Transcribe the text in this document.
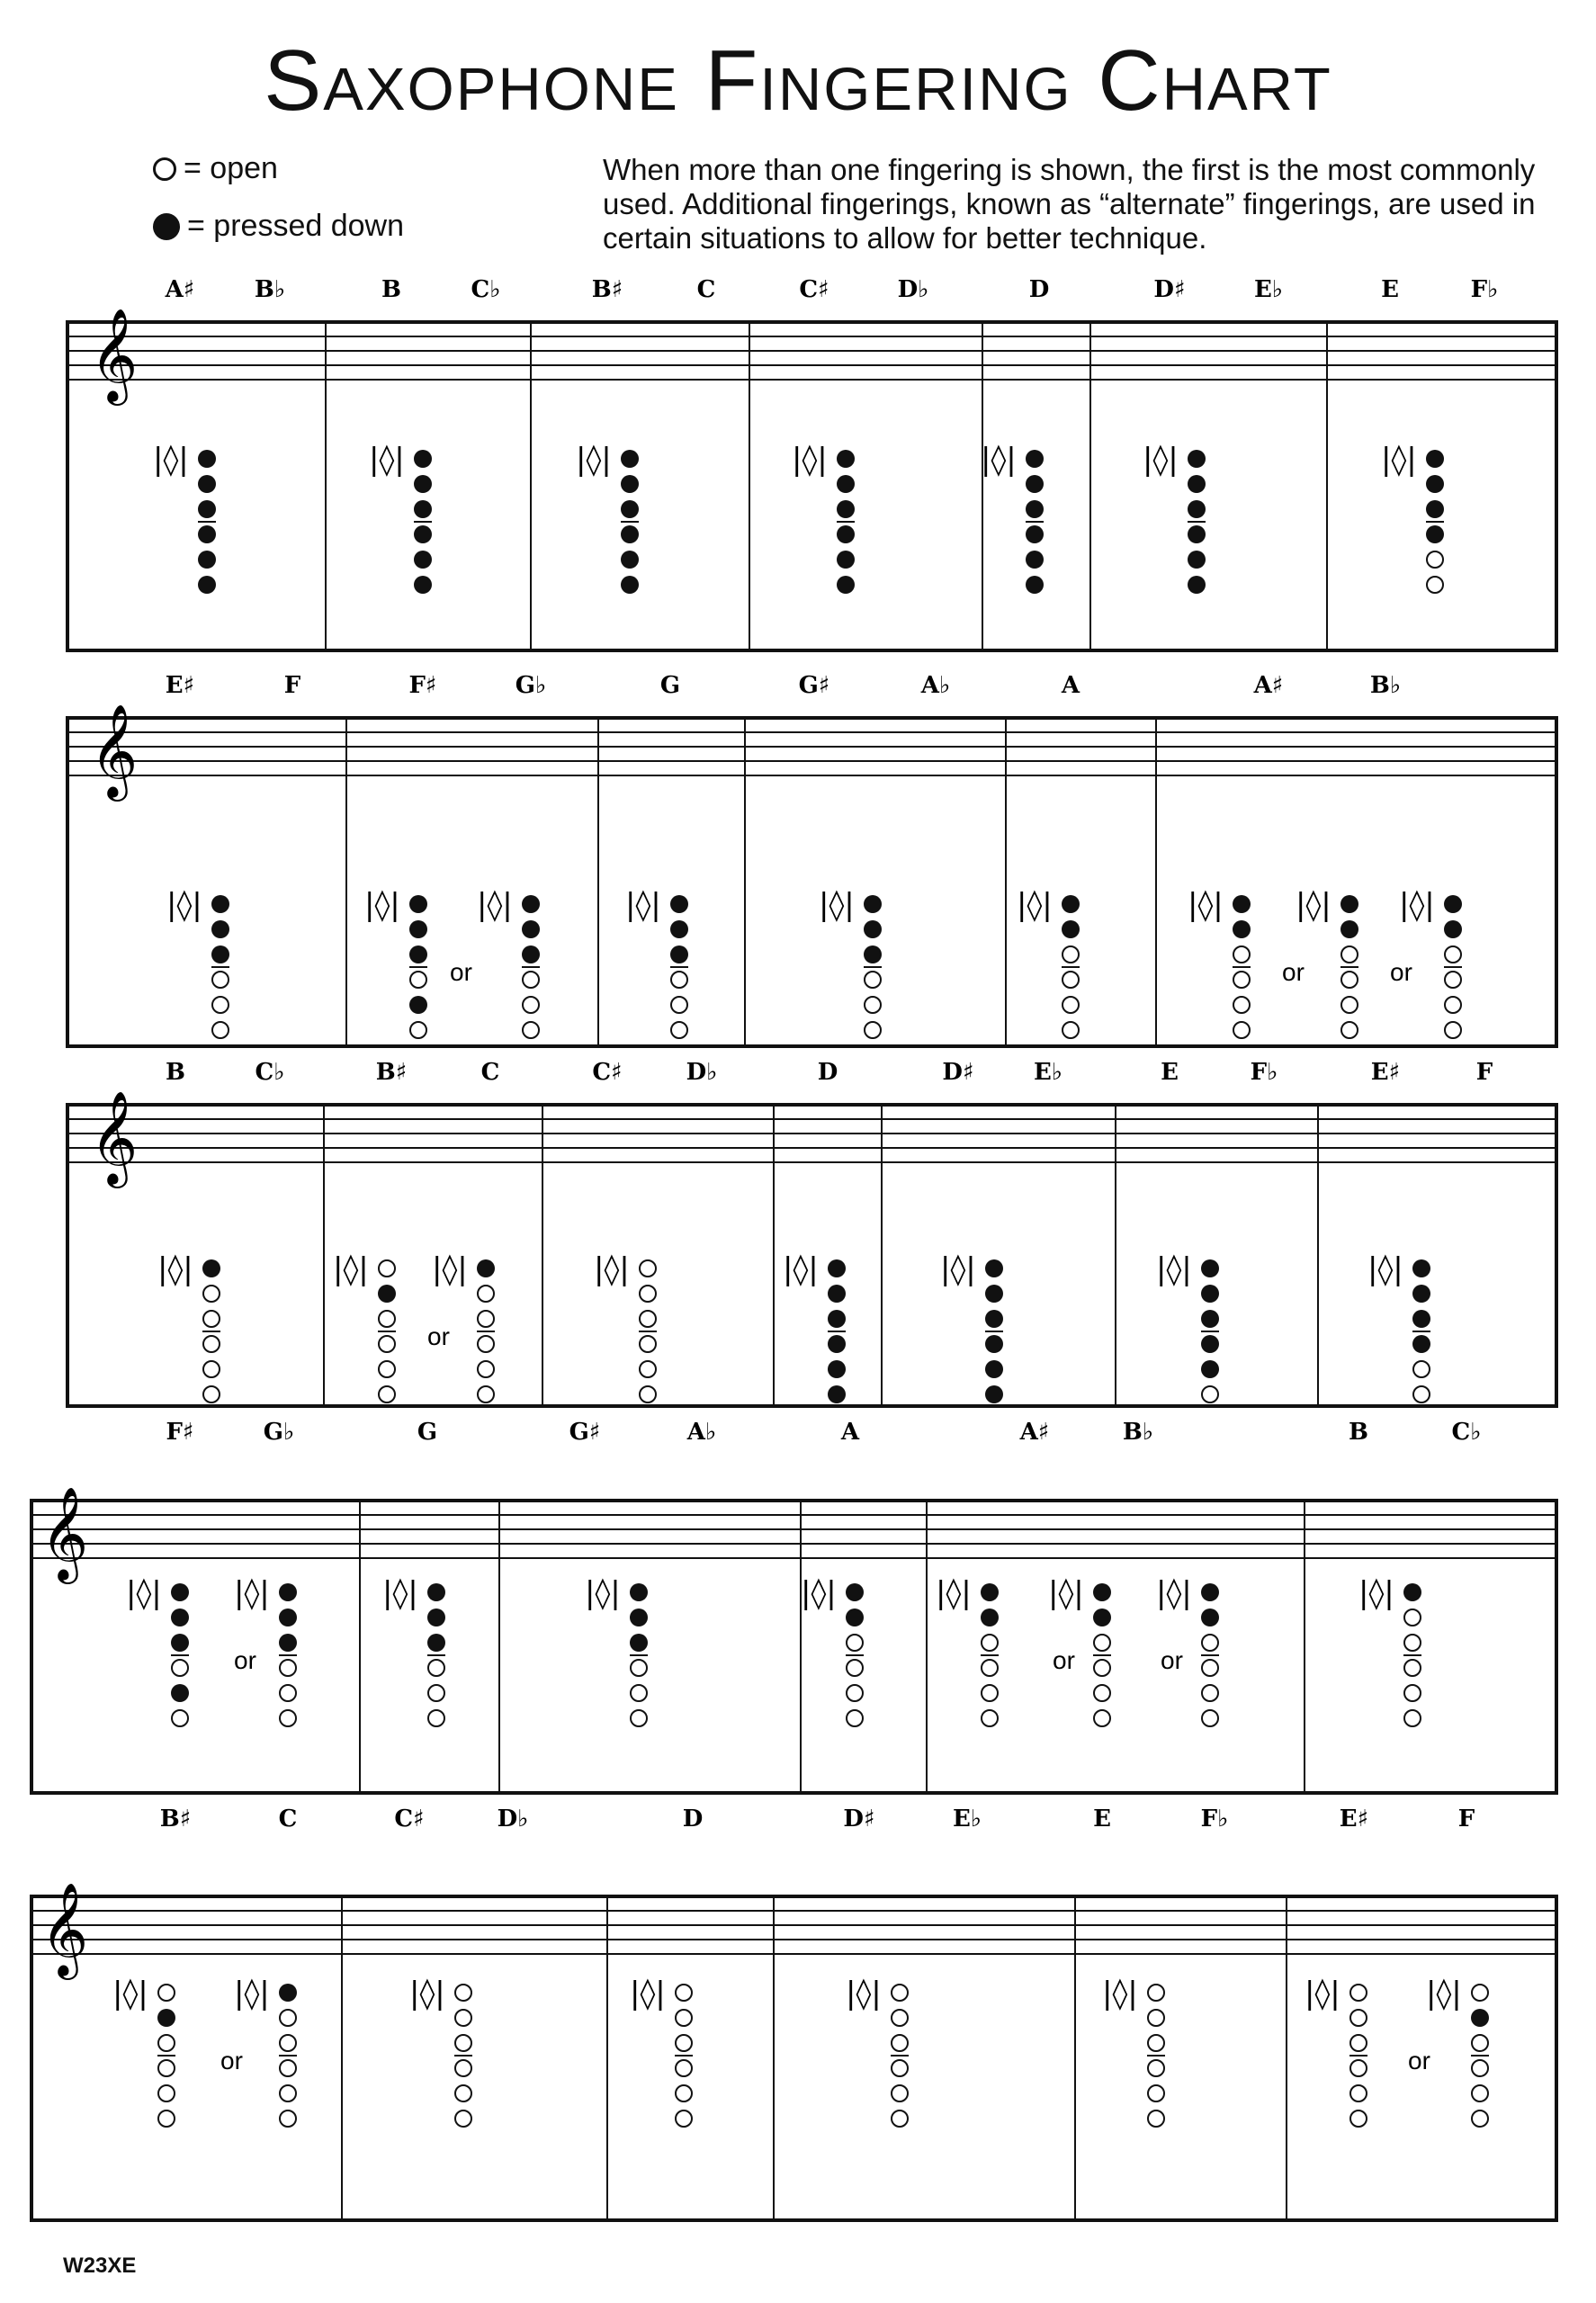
Saxophone Fingering Chart
= open
= pressed down
When more than one fingering is shown, the first is the most commonly used. Additional fingerings, known as “alternate” fingerings, are used in certain situations to allow for better technique.
A♯	B♭	B	C♭	B♯	C	C♯	D♭	D	D♯	E♭	E	F♭
𝄞
|◊|	|◊|	|◊|	|◊|	|◊|	|◊|	|◊|
E♯	F	F♯	G♭	G	G♯	A♭	A	A♯	B♭
𝄞
|◊|	|◊|	|◊|
or
|◊|	|◊|	|◊|	|◊|
or
|◊|
or
|◊|
B	C♭	B♯	C	C♯	D♭	D	D♯	E♭	E	F♭	E♯	F
𝄞
|◊|	|◊| |◊|
or
|◊|	|◊|	|◊|	|◊|	|◊|
F♯	G♭	G	G♯	A♭	A	A♯	B♭	B	C♭
𝄞
|◊| |◊|
or
|◊|	|◊|	|◊|	|◊|	|◊|
or
|◊|
or
|◊|
B♯	C	C♯	D♭	D	D♯	E♭	E	F♭	E♯	F
𝄞
|◊|	|◊|
or
|◊|	|◊|	|◊|	|◊|	|◊|	|◊|
or
W23XE
